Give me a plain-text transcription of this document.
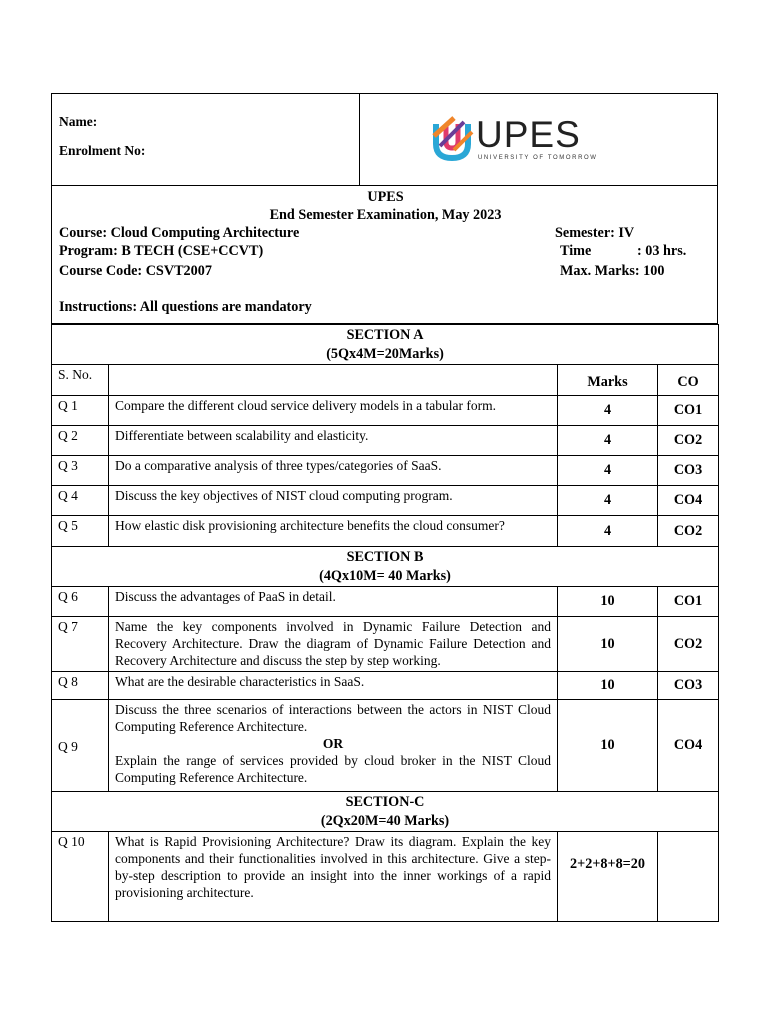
Name:
Enrolment No:	UPES
UNIVERSITY OF TOMORROW
UPES
End Semester Examination, May 2023
Course: Cloud Computing Architecture	Semester: IV
Program: B TECH (CSE+CCVT)	Time	: 03 hrs.
Course Code: CSVT2007	Max. Marks: 100
Instructions: All questions are mandatory
SECTION A
(5Qx4M=20Marks)			

S. No.		Marks	CO
Q 1	Compare the different cloud service delivery models in a tabular form.	4	CO1
Q 2	Differentiate between scalability and elasticity.	4	CO2
Q 3	Do a comparative analysis of three types/categories of SaaS.	4	CO3
Q 4	Discuss the key objectives of NIST cloud computing program.	4	CO4
Q 5	How elastic disk provisioning architecture benefits the cloud consumer?	4	CO2

SECTION B
(4Qx10M= 40 Marks)			

Q 6	Discuss the advantages of PaaS in detail.	10	CO1
Q 7	Name the key components involved in Dynamic Failure Detection and Recovery Architecture. Draw the diagram of Dynamic Failure Detection and Recovery Architecture and discuss the step by step working.	10	CO2
Q 8	What are the desirable characteristics in SaaS.	10	CO3
Q 9	Discuss the three scenarios of interactions between the actors in NIST Cloud Computing Reference Architecture.
OR
Explain the range of services provided by cloud broker in the NIST Cloud Computing Reference Architecture.	10	CO4

SECTION-C
(2Qx20M=40 Marks)			

Q 10	What is Rapid Provisioning Architecture? Draw its diagram. Explain the key components and their functionalities involved in this architecture. Give a step-by-step description to provide an insight into the inner workings of a rapid provisioning architecture.	2+2+8+8=20	
